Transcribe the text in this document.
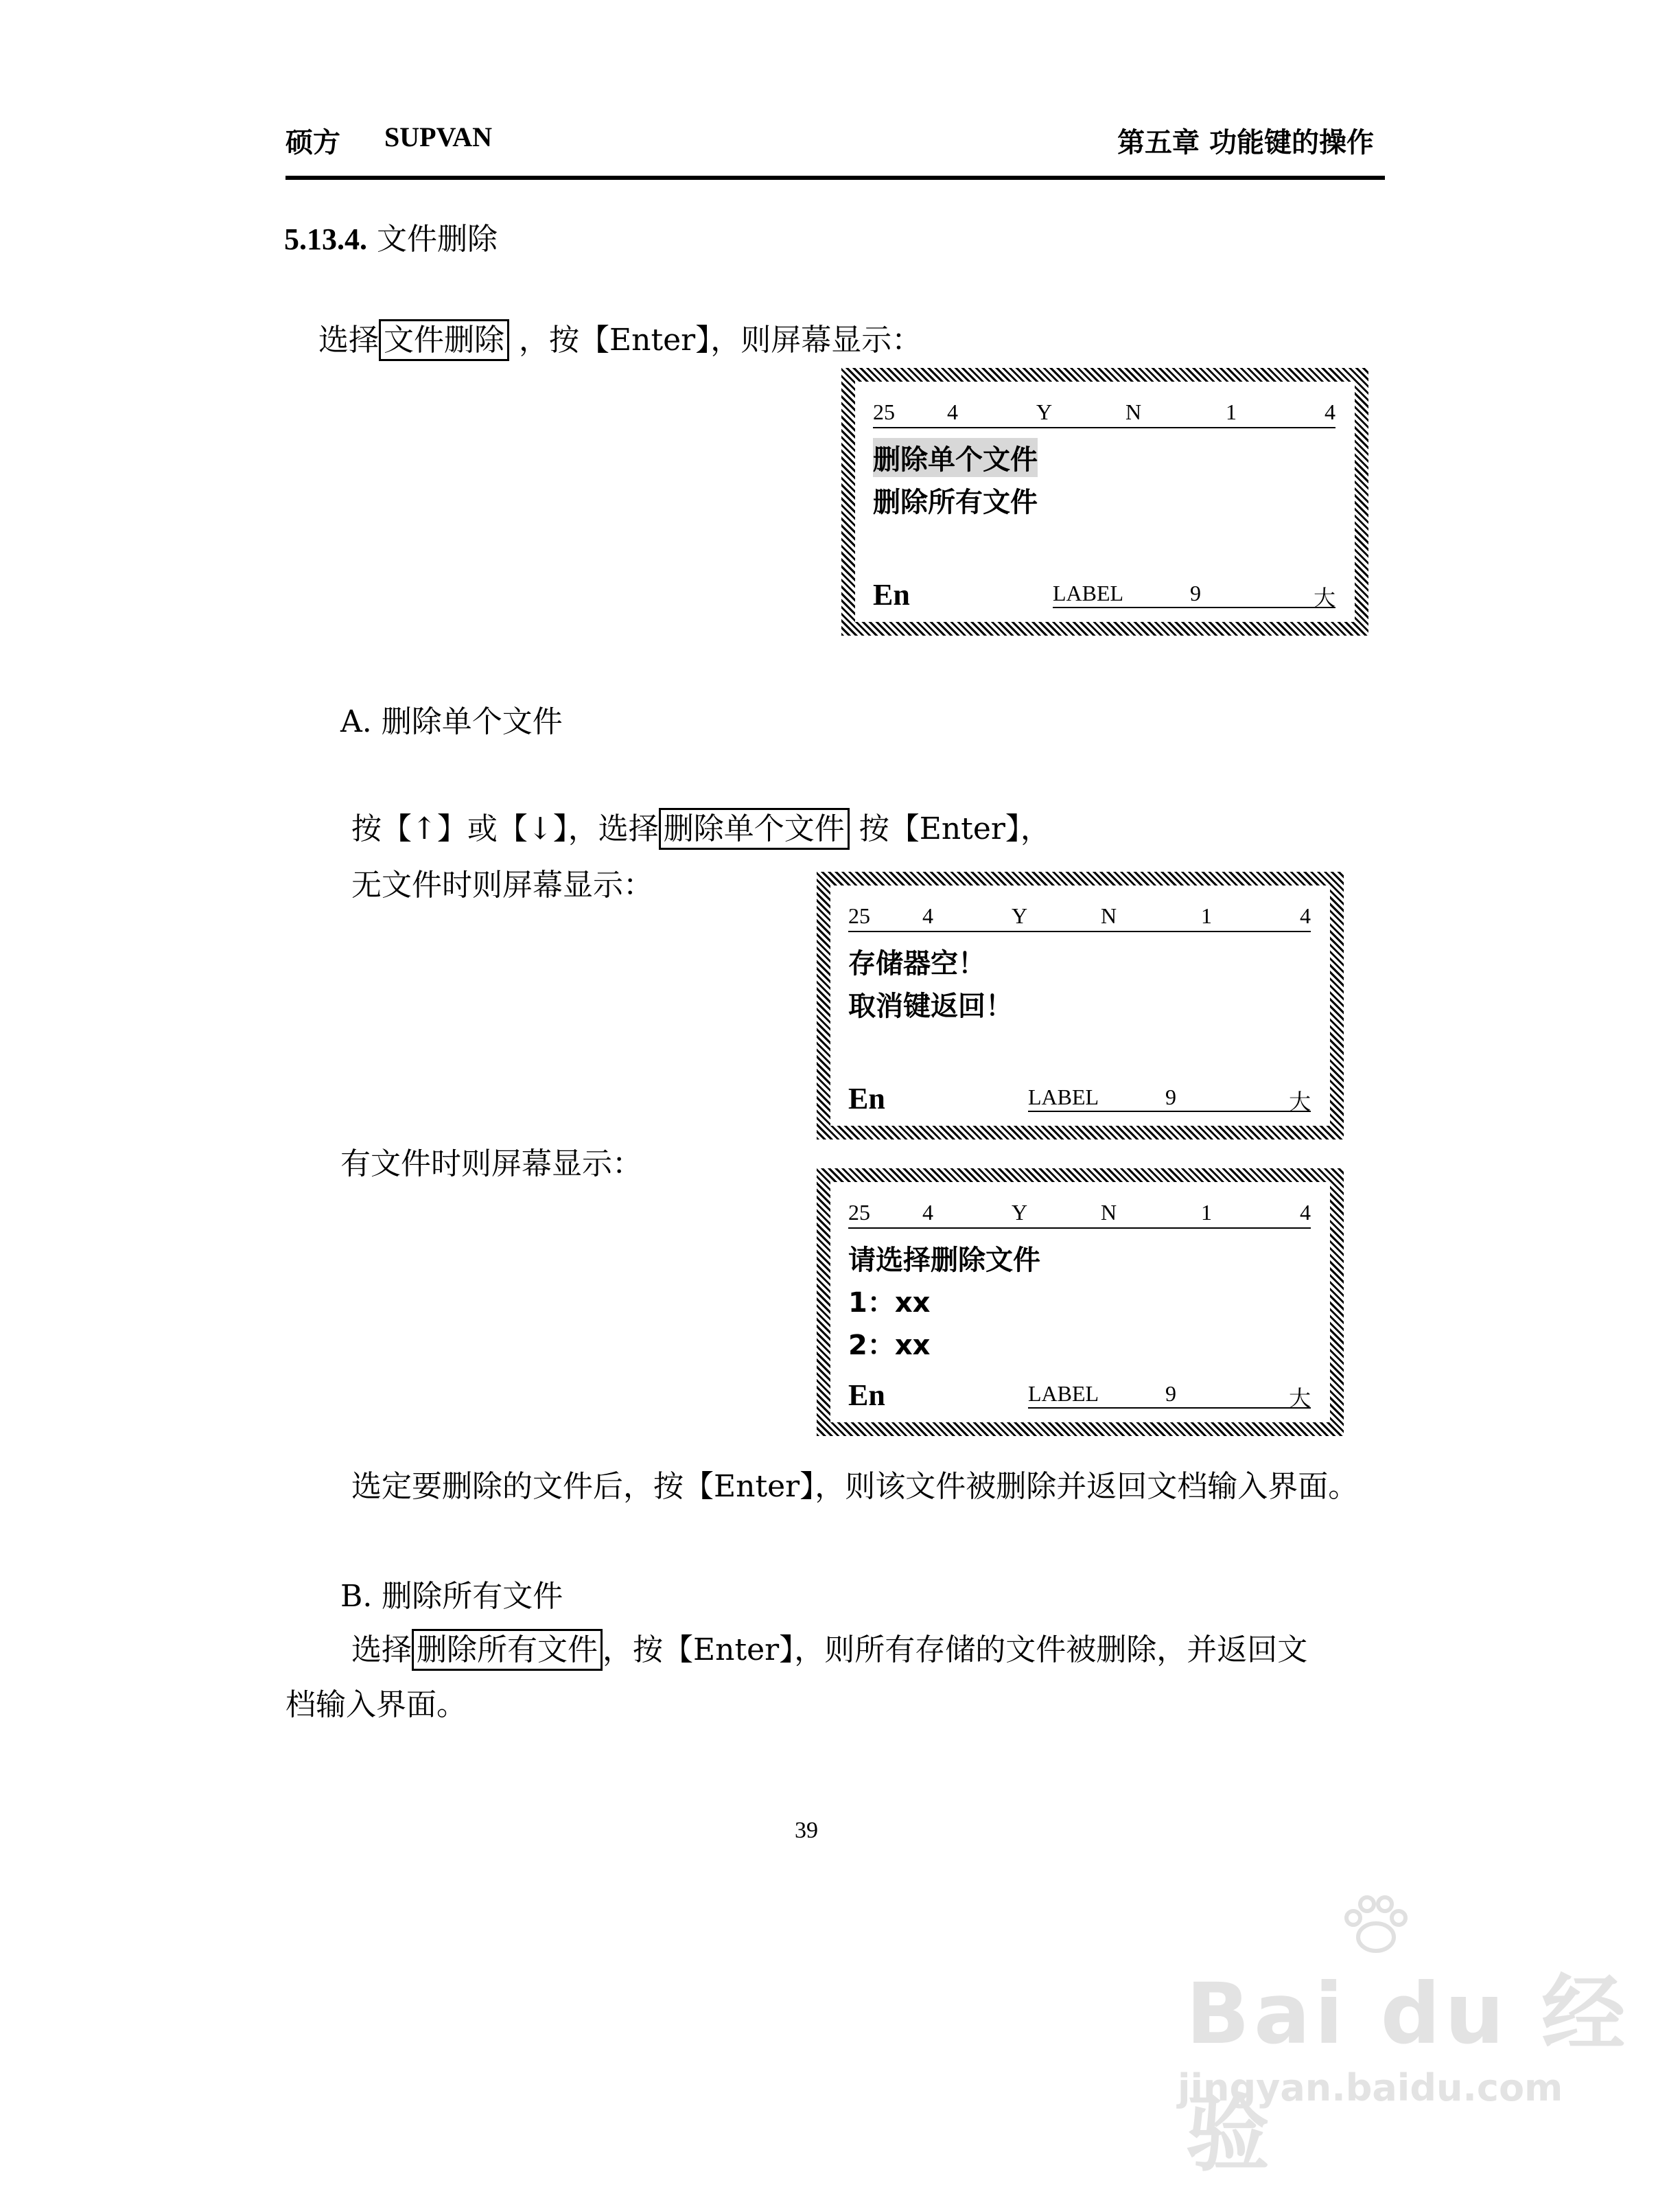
硕方 SUPVAN	第五章 功能键的操作
5.13.4. 文件删除
选择 文件删除 ，按【Enter】，则屏幕显示：
25 4	Y	N	1	4
删除单个文件
删除所有文件
En	LABEL	9	大
A. 删除单个文件
按【↑】或【↓】，选择 删除单个文件 按【Enter】，
无文件时则屏幕显示：
25 4	Y	N	1	4
存储器空！
取消键返回！
En	LABEL	9	大
有文件时则屏幕显示：
25 4	Y	N	1	4
请选择删除文件
1：xx
2：xx
En	LABEL	9	大
选定要删除的文件后，按【Enter】，则该文件被删除并返回文档输入界面。
B. 删除所有文件
选择 删除所有文件 ，按【Enter】，则所有存储的文件被删除，并返回文
档输入界面。
39
Bai du 经验
jingyan.baidu.com
